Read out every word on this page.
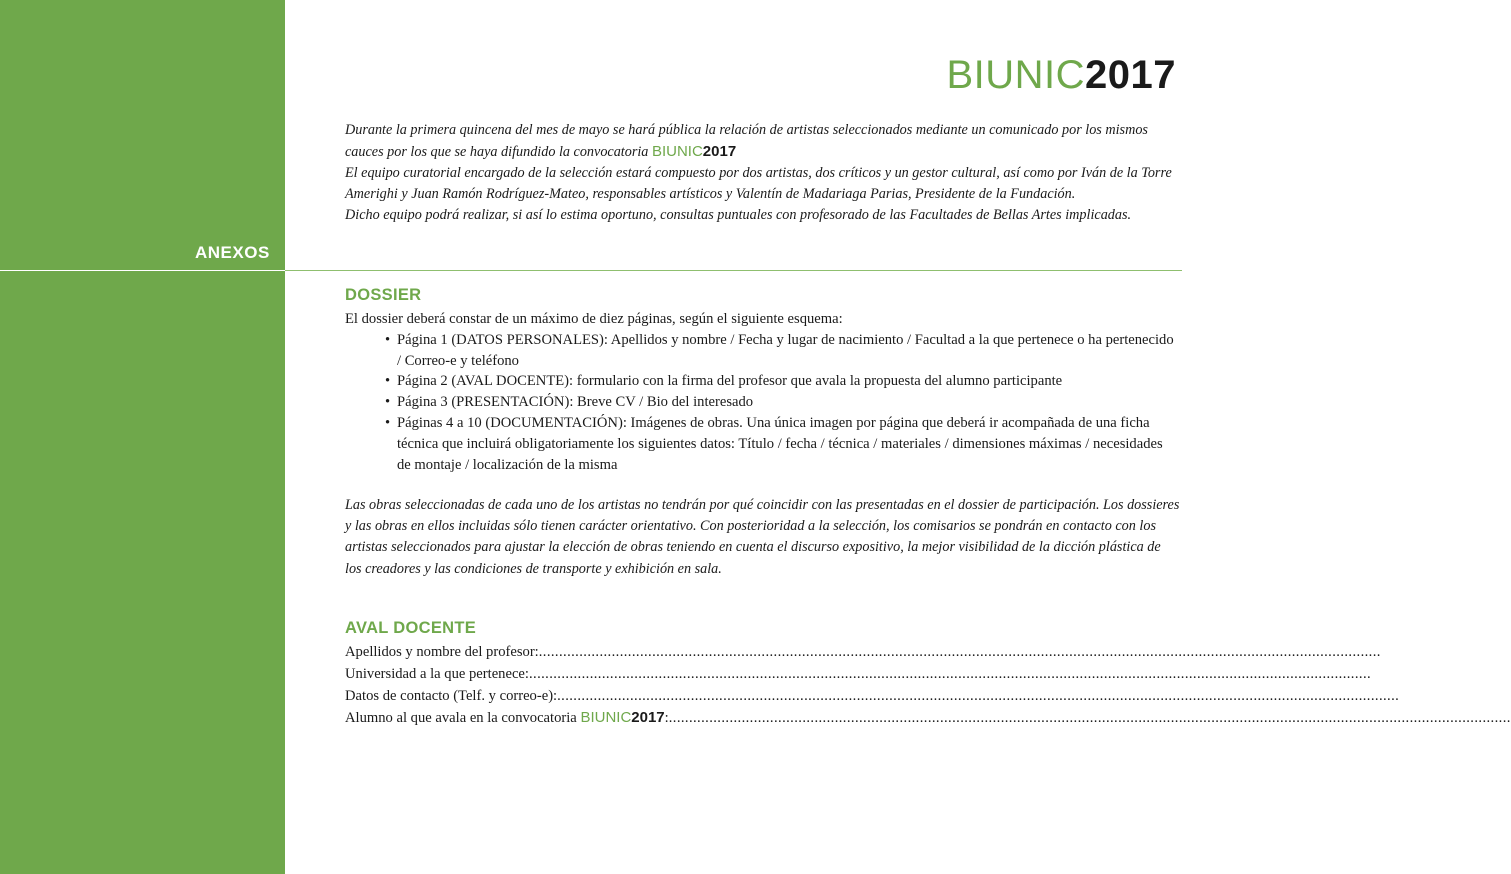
ANEXOS
BIUNIC2017

Durante la primera quincena del mes de mayo se hará pública la relación de artistas seleccionados mediante un comunicado por los mismos cauces por los que se haya difundido la convocatoria BIUNIC2017

El equipo curatorial encargado de la selección estará compuesto por dos artistas, dos críticos y un gestor cultural, así como por Iván de la Torre Amerighi y Juan Ramón Rodríguez-Mateo, responsables artísticos y Valentín de Madariaga Parias, Presidente de la Fundación.

Dicho equipo podrá realizar, si así lo estima oportuno, consultas puntuales con profesorado de las Facultades de Bellas Artes implicadas.

DOSSIER

El dossier deberá constar de un máximo de diez páginas, según el siguiente esquema:

• Página 1 (DATOS PERSONALES): Apellidos y nombre / Fecha y lugar de nacimiento / Facultad a la que pertenece o ha pertenecido / Correo-e y teléfono
• Página 2 (AVAL DOCENTE): formulario con la firma del profesor que avala la propuesta del alumno participante
• Página 3 (PRESENTACIÓN): Breve CV / Bio del interesado
• Páginas 4 a 10 (DOCUMENTACIÓN): Imágenes de obras. Una única imagen por página que deberá ir acompañada de una ficha técnica que incluirá obligatoriamente los siguientes datos: Título / fecha / técnica / materiales / dimensiones máximas / necesidades de montaje / localización de la misma
Las obras seleccionadas de cada uno de los artistas no tendrán por qué coincidir con las presentadas en el dossier de participación. Los dossieres y las obras en ellos incluidas sólo tienen carácter orientativo. Con posterioridad a la selección, los comisarios se pondrán en contacto con los artistas seleccionados para ajustar la elección de obras teniendo en cuenta el discurso expositivo, la mejor visibilidad de la dicción plástica de los creadores y las condiciones de transporte y exhibición en sala.
AVAL DOCENTE
Apellidos y nombre del profesor: ................................................................................................................................................................................................................
Universidad a la que pertenece: ................................................................................................................................................................................................................
Datos de contacto (Telf. y correo-e): ................................................................................................................................................................................................................
Alumno al que avala en la convocatoria BIUNIC2017: ................................................................................................................................................................................................................
